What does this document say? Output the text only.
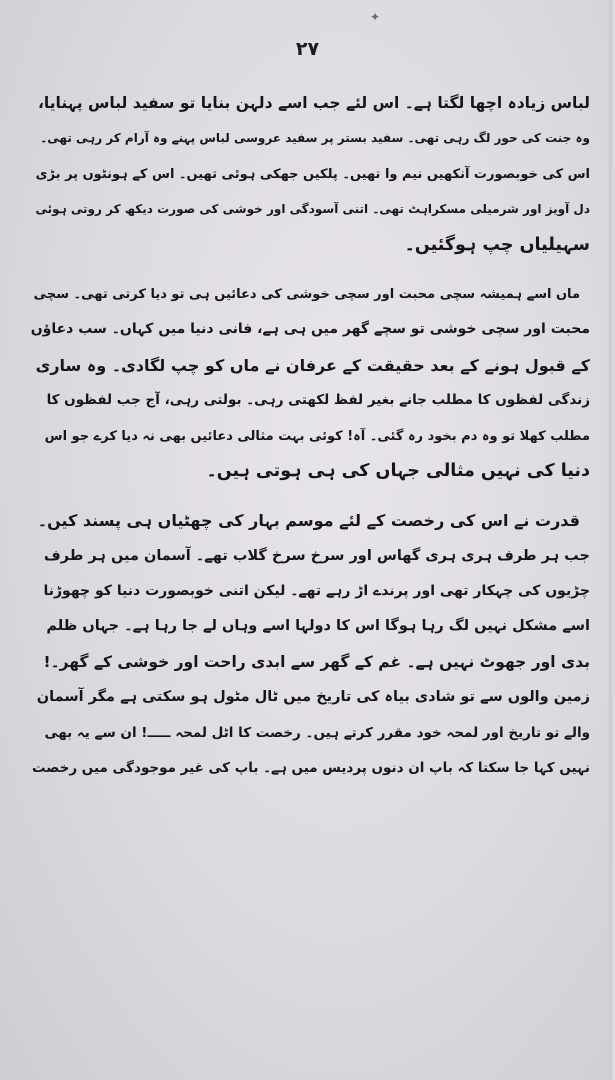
✦
۲۷
لباس زیادہ اچھا لگتا ہے۔ اس لئے جب اسے دلہن بنایا تو سفید لباس پہنایا،
وہ جنت کی حور لگ رہی تھی۔ سفید بستر پر سفید عروسی لباس پہنے وہ آرام کر رہی تھی۔
اس کی خوبصورت آنکھیں نیم وا تھیں۔ پلکیں جھکی ہوئی تھیں۔ اس کے ہونٹوں پر بڑی
دل آویز اور شرمیلی مسکراہٹ تھی۔ اتنی آسودگی اور خوشی کی صورت دیکھ کر روتی ہوئی
سہیلیاں چپ ہوگئیں۔
ماں اسے ہمیشہ سچی محبت اور سچی خوشی کی دعائیں ہی تو دیا کرتی تھی۔ سچی
محبت اور سچی خوشی تو سچے گھر میں ہی ہے، فانی دنیا میں کہاں۔ سب دعاؤں
کے قبول ہونے کے بعد حقیقت کے عرفان نے ماں کو چپ لگادی۔ وہ ساری
زندگی لفظوں کا مطلب جانے بغیر لفظ لکھتی رہی۔ بولتی رہی، آج جب لفظوں کا
مطلب کھلا تو وہ دم بخود رہ گئی۔ آہ! کوئی بہت مثالی دعائیں بھی نہ دیا کرے جو اس
دنیا کی نہیں مثالی جہاں کی ہی ہوتی ہیں۔
قدرت نے اس کی رخصت کے لئے موسم بہار کی چھٹیاں ہی پسند کیں۔
جب ہر طرف ہری ہری گھاس اور سرخ سرخ گلاب تھے۔ آسمان میں ہر طرف
چڑیوں کی چہکار تھی اور پرندے اڑ رہے تھے۔ لیکن اتنی خوبصورت دنیا کو چھوڑنا
اسے مشکل نہیں لگ رہا ہوگا اس کا دولہا اسے وہاں لے جا رہا ہے۔ جہاں ظلم
بدی اور جھوٹ نہیں ہے۔ غم کے گھر سے ابدی راحت اور خوشی کے گھر۔!
زمین والوں سے تو شادی بیاہ کی تاریخ میں ٹال مٹول ہو سکتی ہے مگر آسمان
والے تو تاریخ اور لمحہ خود مقرر کرتے ہیں۔ رخصت کا اٹل لمحہ ـــــ! ان سے یہ بھی
نہیں کہا جا سکتا کہ باپ ان دنوں پردیس میں ہے۔ باپ کی غیر موجودگی میں رخصت
